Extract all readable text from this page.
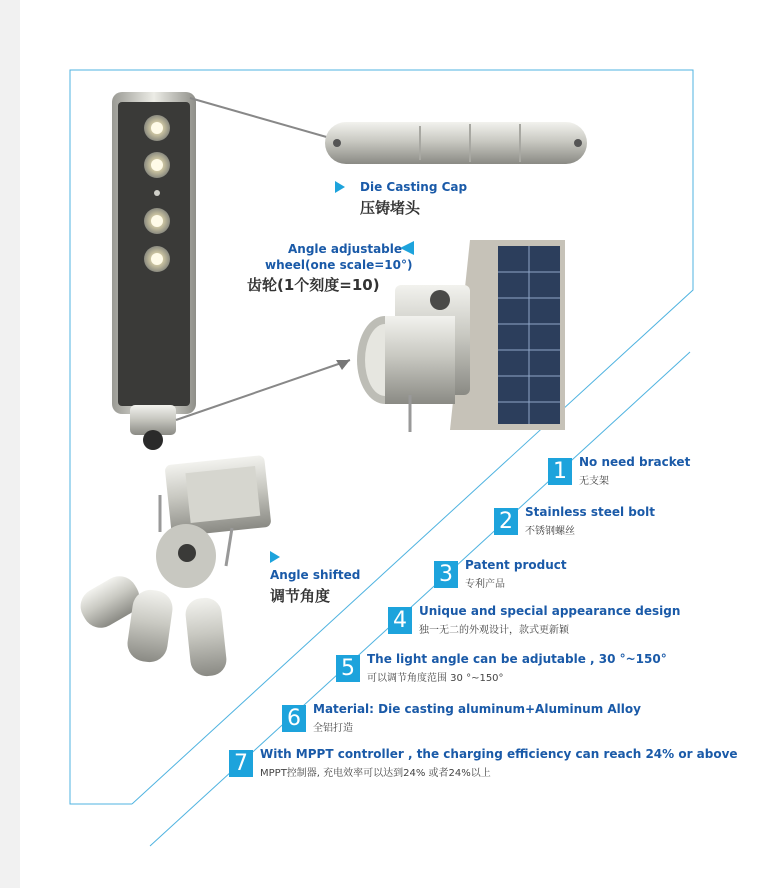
Die Casting Cap
压铸堵头
Angle adjustable
wheel(one scale=10°)
齿轮(1个刻度=10)
Angle shifted
调节角度
1	No need bracket
无支架
2	Stainless steel bolt
不锈钢螺丝
3	Patent product
专利产品
4	Unique and special appearance design
独一无二的外观设计，款式更新颖
5	The light angle can be adjutable , 30 °~150°
可以调节角度范围 30 °~150°
6	Material: Die casting aluminum+Aluminum Alloy
全铝打造
7	With MPPT controller , the charging efficiency can reach 24% or above
MPPT控制器, 充电效率可以达到24% 或者24%以上
